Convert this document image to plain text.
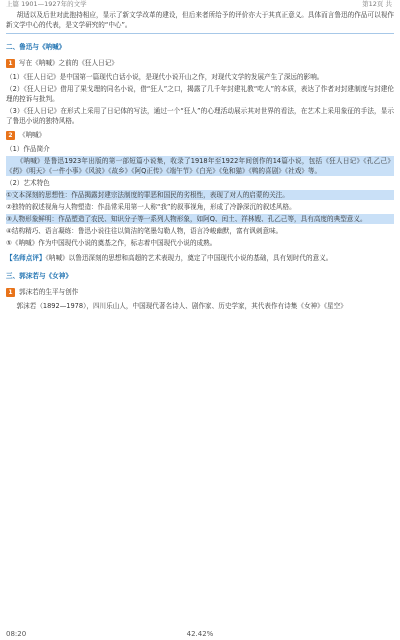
上篇 1901—1927年的文学	第12页 共

胡适以及后世对此抱持相应，显示了新文学改革的建设，但后来者所给予的评价亦大于其真正意义。具体而言鲁迅的作品可以视作新文学中心的代表，是文学研究的“中心”。

二、鲁迅与《呐喊》
1 写在《呐喊》之前的《狂人日记》

（1）《狂人日记》是中国第一篇现代白话小说，是现代小说开山之作，对现代文学的发展产生了深远的影响。

（2）《狂人日记》借用了果戈理的同名小说，借“狂人”之口，揭露了几千年封建礼教“吃人”的本质，表达了作者对封建制度与封建伦理的控诉与批判。

（3）《狂人日记》在形式上采用了日记体的写法，通过一个“狂人”的心理活动展示其对世界的看法，在艺术上采用象征的手法，显示了鲁迅小说的独特风格。

2 《呐喊》

（1）作品简介

《呐喊》是鲁迅1923年出版的第一部短篇小说集，收录了1918年至1922年间创作的14篇小说，包括《狂人日记》《孔乙己》《药》《明天》《一件小事》《风波》《故乡》《阿Q正传》《端午节》《白光》《兔和猫》《鸭的喜剧》《社戏》等。

（2）艺术特色

①文本深刻的思想性：作品揭露封建宗法制度的罪恶和国民的劣根性，表现了对人的启蒙的关注。

②独特的叙述视角与人物塑造：作品常采用第一人称“我”的叙事视角，形成了冷静深沉的叙述风格。

③人物形象鲜明：作品塑造了农民、知识分子等一系列人物形象，如阿Q、闰土、祥林嫂、孔乙己等，具有高度的典型意义。

④结构精巧、语言凝练：鲁迅小说往往以简洁的笔墨勾勒人物，语言冷峻幽默，富有讽刺意味。

⑤《呐喊》作为中国现代小说的奠基之作，标志着中国现代小说的成熟。

【名师点评】《呐喊》以鲁迅深刻的思想和高超的艺术表现力，奠定了中国现代小说的基础，具有划时代的意义。

三、郭沫若与《女神》
1 郭沫若的生平与创作

郭沫若（1892—1978），四川乐山人，中国现代著名诗人、剧作家、历史学家，其代表作有诗集《女神》《星空》

08:20	42.42%
